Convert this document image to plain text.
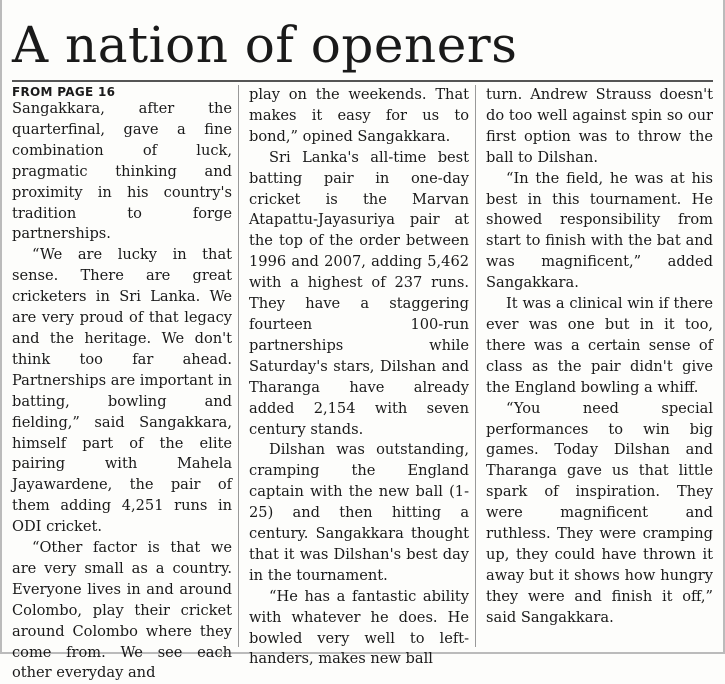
A nation of openers
FROM PAGE 16

Sangakkara, after the quarterfinal, gave a fine combination of luck, pragmatic thinking and proximity in his country's tradition to forge partnerships.

“We are lucky in that sense. There are great cricketers in Sri Lanka. We are very proud of that legacy and the heritage. We don't think too far ahead. Partnerships are important in batting, bowling and fielding,” said Sangakkara, himself part of the elite pairing with Mahela Jayawardene, the pair of them adding 4,251 runs in ODI cricket.

“Other factor is that we are very small as a country. Everyone lives in and around Colombo, play their cricket around Colombo where they come from. We see each other everyday and

play on the weekends. That makes it easy for us to bond,” opined Sangakkara.

Sri Lanka's all-time best batting pair in one-day cricket is the Marvan Atapattu-Jayasuriya pair at the top of the order between 1996 and 2007, adding 5,462 with a highest of 237 runs. They have a staggering fourteen 100-run partnerships while Saturday's stars, Dilshan and Tharanga have already added 2,154 with seven century stands.

Dilshan was outstanding, cramping the England captain with the new ball (1-25) and then hitting a century. Sangakkara thought that it was Dilshan's best day in the tournament.

“He has a fantastic ability with whatever he does. He bowled very well to left-handers, makes new ball

turn. Andrew Strauss doesn't do too well against spin so our first option was to throw the ball to Dilshan.

“In the field, he was at his best in this tournament. He showed responsibility from start to finish with the bat and was magnificent,” added Sangakkara.

It was a clinical win if there ever was one but in it too, there was a certain sense of class as the pair didn't give the England bowling a whiff.

“You need special performances to win big games. Today Dilshan and Tharanga gave us that little spark of inspiration. They were magnificent and ruthless. They were cramping up, they could have thrown it away but it shows how hungry they were and finish it off,” said Sangakkara.
